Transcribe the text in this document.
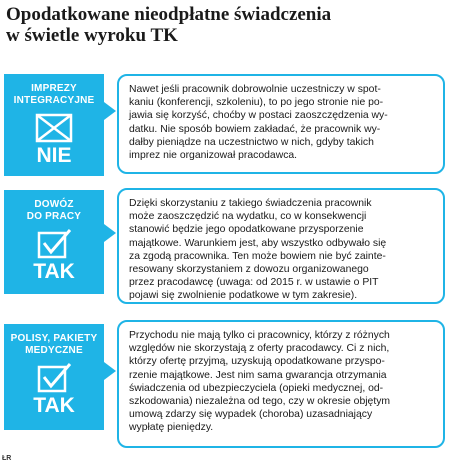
Opodatkowane nieodpłatne świadczenia
w świetle wyroku TK
IMPREZY
INTEGRACYJNE
NIE
Nawet jeśli pracownik dobrowolnie uczestniczy w spot-
kaniu (konferencji, szkoleniu), to po jego stronie nie po-
jawia się korzyść, choćby w postaci zaoszczędzenia wy-
datku. Nie sposób bowiem zakładać, że pracownik wy-
dałby pieniądze na uczestnictwo w nich, gdyby takich
imprez nie organizował pracodawca.
DOWÓZ
DO PRACY
TAK
Dzięki skorzystaniu z takiego świadczenia pracownik
może zaoszczędzić na wydatku, co w konsekwencji
stanowić będzie jego opodatkowane przysporzenie
majątkowe. Warunkiem jest, aby wszystko odbywało się
za zgodą pracownika. Ten może bowiem nie być zainte-
resowany skorzystaniem z dowozu organizowanego
przez pracodawcę (uwaga: od 2015 r. w ustawie o PIT
pojawi się zwolnienie podatkowe w tym zakresie).
POLISY, PAKIETY
MEDYCZNE
TAK
Przychodu nie mają tylko ci pracownicy, którzy z różnych
względów nie skorzystają z oferty pracodawcy. Ci z nich,
którzy ofertę przyjmą, uzyskują opodatkowane przyspo-
rzenie majątkowe. Jest nim sama gwarancja otrzymania
świadczenia od ubezpieczyciela (opieki medycznej, od-
szkodowania) niezależna od tego, czy w okresie objętym
umową zdarzy się wypadek (choroba) uzasadniający
wypłatę pieniędzy.
ŁR
